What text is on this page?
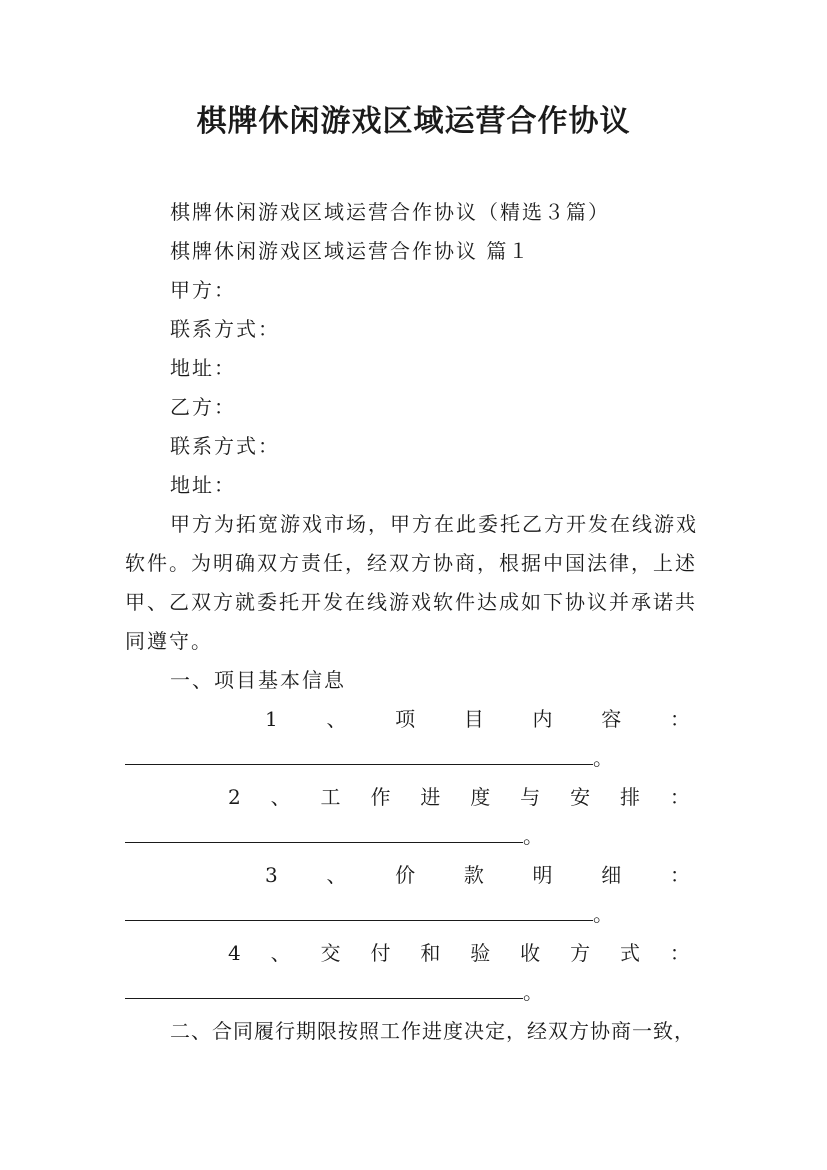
棋牌休闲游戏区域运营合作协议
棋牌休闲游戏区域运营合作协议（精选３篇）
棋牌休闲游戏区域运营合作协议 篇１
甲方：
联系方式：
地址：
乙方：
联系方式：
地址：
甲方为拓宽游戏市场，甲方在此委托乙方开发在线游戏
软件。为明确双方责任，经双方协商，根据中国法律，上述
甲、乙双方就委托开发在线游戏软件达成如下协议并承诺共
同遵守。
一、项目基本信息
1 、 项 目 内 容 ：
。
2 、 工 作 进 度 与 安 排 ：
。
3 、 价 款 明 细 ：
。
4 、 交 付 和 验 收 方 式 ：
。
二、合同履行期限按照工作进度决定，经双方协商一致，
